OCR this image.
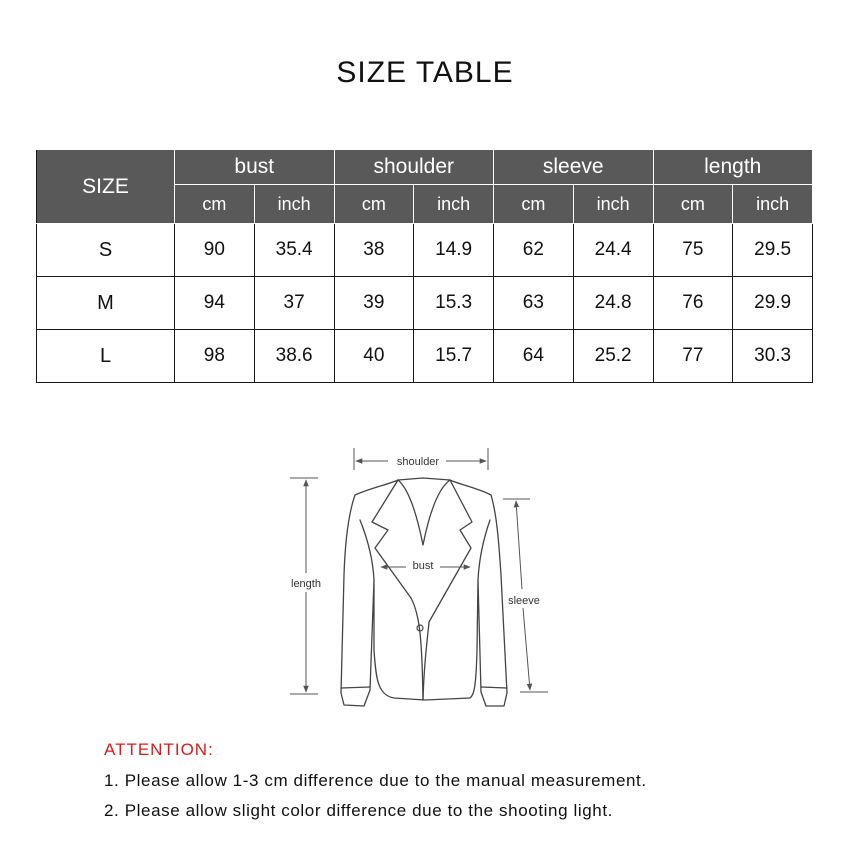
SIZE TABLE
SIZE	bust		shoulder		sleeve		length	
	cm	inch	cm	inch	cm	inch	cm	inch
S	90	35.4	38	14.9	62	24.4	75	29.5
M	94	37	39	15.3	63	24.8	76	29.9
L	98	38.6	40	15.7	64	25.2	77	30.3
shoulder
bust
length
sleeve
ATTENTION:
1. Please allow 1-3 cm difference due to the manual measurement.
2. Please allow slight color difference due to the shooting light.
